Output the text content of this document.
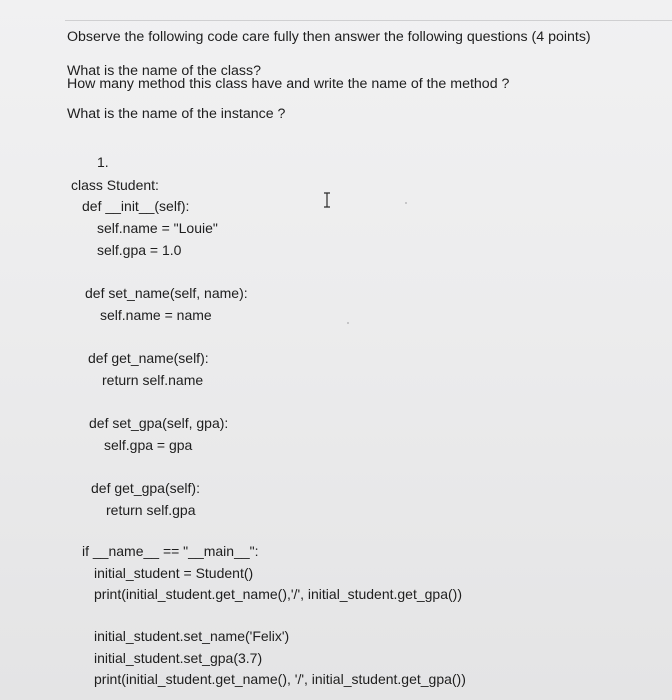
Observe the following code care fully then answer the following questions (4 points)
What is the name of the class?
How many method this class have and write the name of the method ?
What is the name of the instance ?
1.
class Student:
def __init__(self):
self.name = "Louie"
self.gpa = 1.0
def set_name(self, name):
self.name = name
def get_name(self):
return self.name
def set_gpa(self, gpa):
self.gpa = gpa
def get_gpa(self):
return self.gpa
if __name__ == "__main__":
initial_student = Student()
print(initial_student.get_name(),'/', initial_student.get_gpa())
initial_student.set_name('Felix')
initial_student.set_gpa(3.7)
print(initial_student.get_name(), '/', initial_student.get_gpa())
